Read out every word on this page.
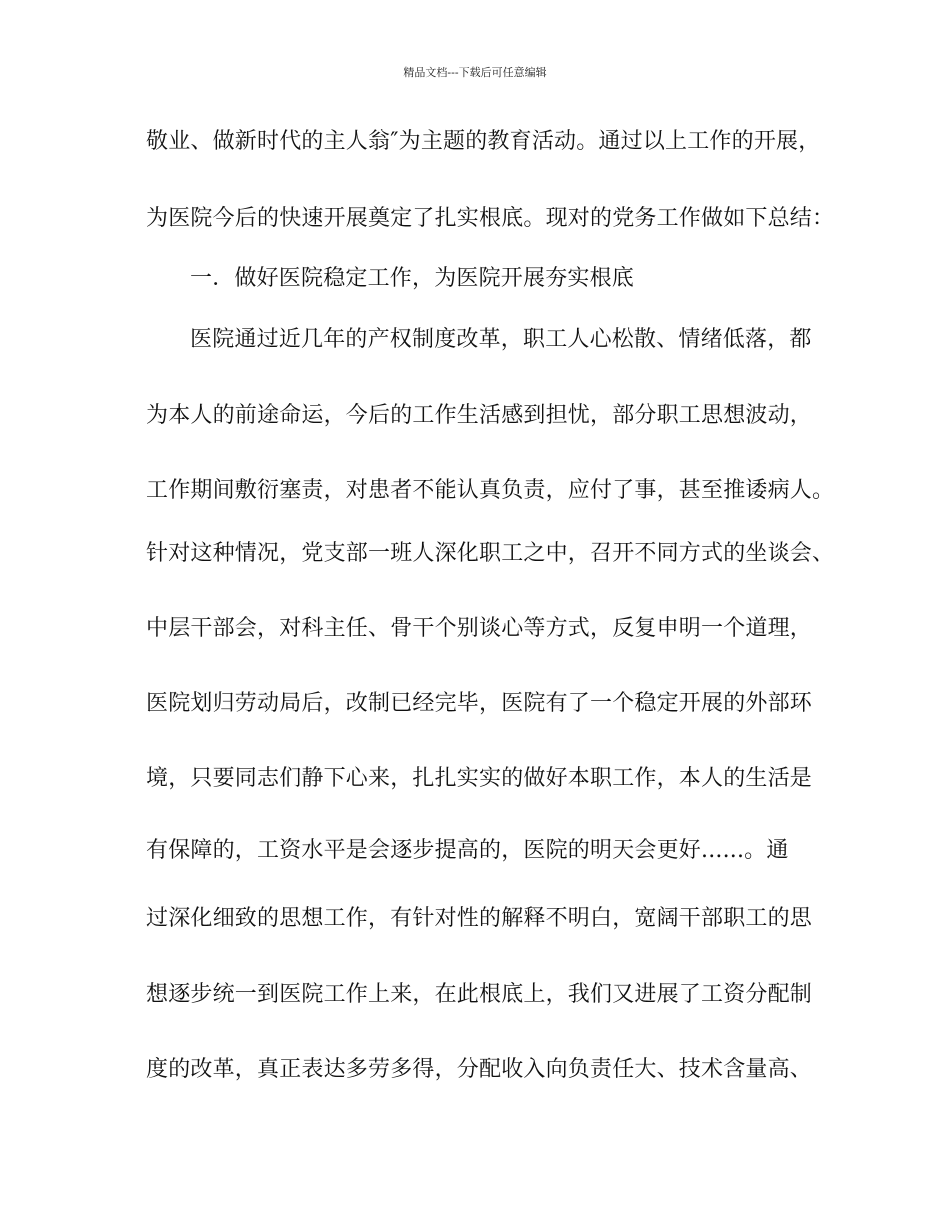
精品文档---下载后可任意编辑
敬业、做新时代的主人翁″为主题的教育活动。通过以上工作的开展，
为医院今后的快速开展奠定了扎实根底。现对的党务工作做如下总结：
一．做好医院稳定工作，为医院开展夯实根底
医院通过近几年的产权制度改革，职工人心松散、情绪低落，都
为本人的前途命运，今后的工作生活感到担忧，部分职工思想波动，
工作期间敷衍塞责，对患者不能认真负责，应付了事，甚至推诿病人。
针对这种情况，党支部一班人深化职工之中，召开不同方式的坐谈会、
中层干部会，对科主任、骨干个别谈心等方式，反复申明一个道理，
医院划归劳动局后，改制已经完毕，医院有了一个稳定开展的外部环
境，只要同志们静下心来，扎扎实实的做好本职工作，本人的生活是
有保障的，工资水平是会逐步提高的，医院的明天会更好......。通
过深化细致的思想工作，有针对性的解释不明白，宽阔干部职工的思
想逐步统一到医院工作上来，在此根底上，我们又进展了工资分配制
度的改革，真正表达多劳多得，分配收入向负责任大、技术含量高、
